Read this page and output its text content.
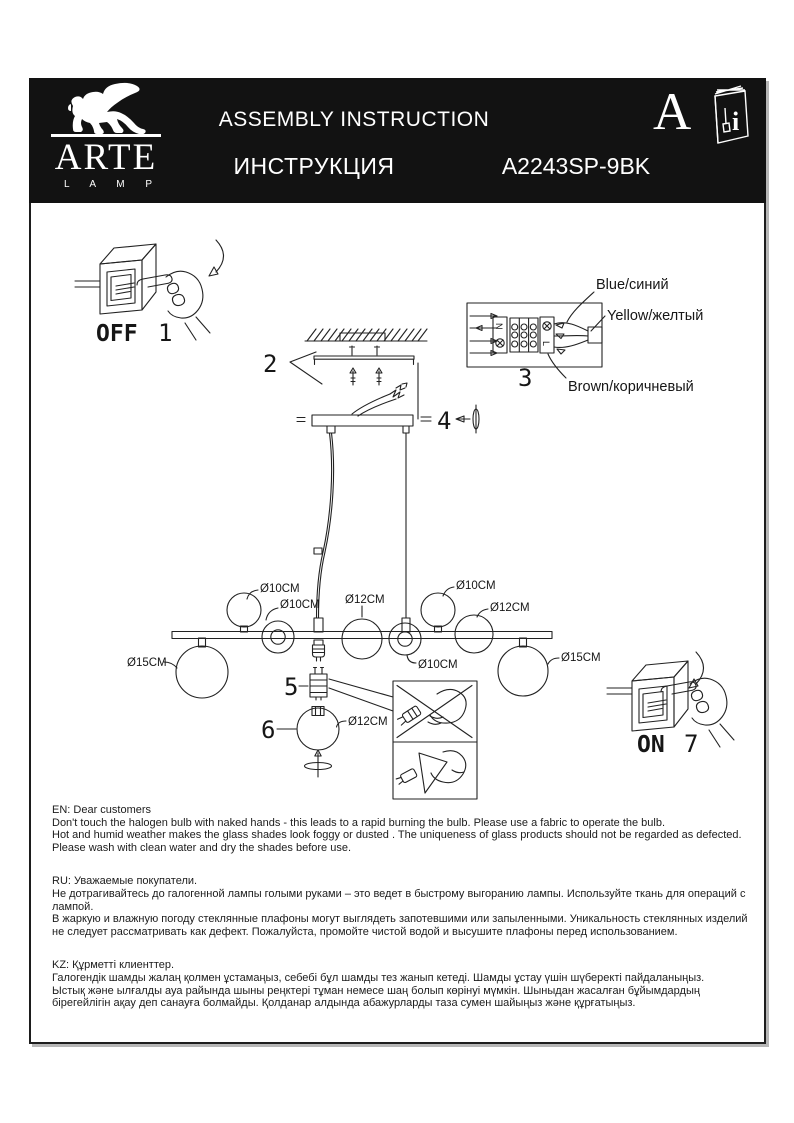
ARTE
L A M P
ASSEMBLY INSTRUCTION
ИНСТРУКЦИЯ	A2243SP-9BK
A i
OFF 1
2
N
L
Blue/синий
Yellow/желтый
Brown/коричневый
3
4
Ø10CM
Ø10CM Ø12CM
Ø10CM
Ø10CM
Ø12CM
Ø15CM	Ø15CM
5
6	Ø12CM
ON 7
EN: Dear customers
Don't touch the halogen bulb with naked hands - this leads to a rapid burning the bulb. Please use a fabric to operate the bulb.
Hot and humid weather makes the glass shades look foggy or dusted . The uniqueness of glass products should not be regarded as defected. Please wash with clean water and dry the shades before use.
RU: Уважаемые покупатели.
Не дотрагивайтесь до галогенной лампы голыми руками – это ведет в быстрому выгоранию лампы. Используйте ткань для операций с лампой.
В жаркую и влажную погоду стеклянные плафоны могут выглядеть запотевшими или запыленными. Уникальность стеклянных изделий не следует рассматривать как дефект. Пожалуйста, промойте чистой водой и высушите плафоны перед использованием.
KZ: Құрметті клиенттер.
Галогендік шамды жалаң қолмен ұстамаңыз, себебі бұл шамды тез жанып кетеді. Шамды ұстау үшін шүберекті пайдаланыңыз.
Ыстық және ылғалды ауа райында шыны реңктері тұман немесе шаң болып көрінуі мүмкін. Шыныдан жасалған бұйымдардың бірегейлігін ақау деп санауға болмайды. Қолданар алдында абажурларды таза сумен шайыңыз және құрғатыңыз.
